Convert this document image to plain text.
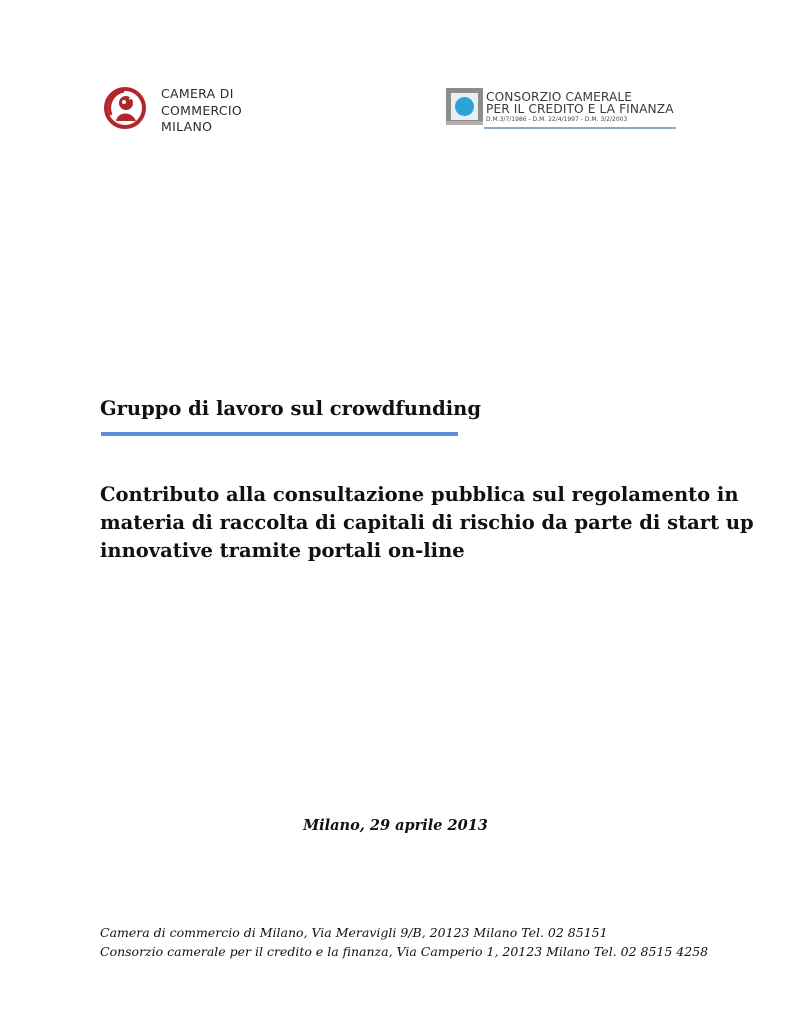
CAMERA DI
COMMERCIO
MILANO
CONSORZIO CAMERALE
PER IL CREDITO E LA FINANZA
D.M.3/7/1986 - D.M. 22/4/1997 - D.M. 3/2/2003
Gruppo di lavoro sul crowdfunding
Contributo alla consultazione pubblica sul regolamento in
materia di raccolta di capitali di rischio da parte di start up
innovative tramite portali on-line
Milano, 29 aprile 2013
Camera di commercio di Milano, Via Meravigli 9/B, 20123 Milano Tel. 02 85151
Consorzio camerale per il credito e la finanza, Via Camperio 1, 20123 Milano Tel. 02 8515 4258
